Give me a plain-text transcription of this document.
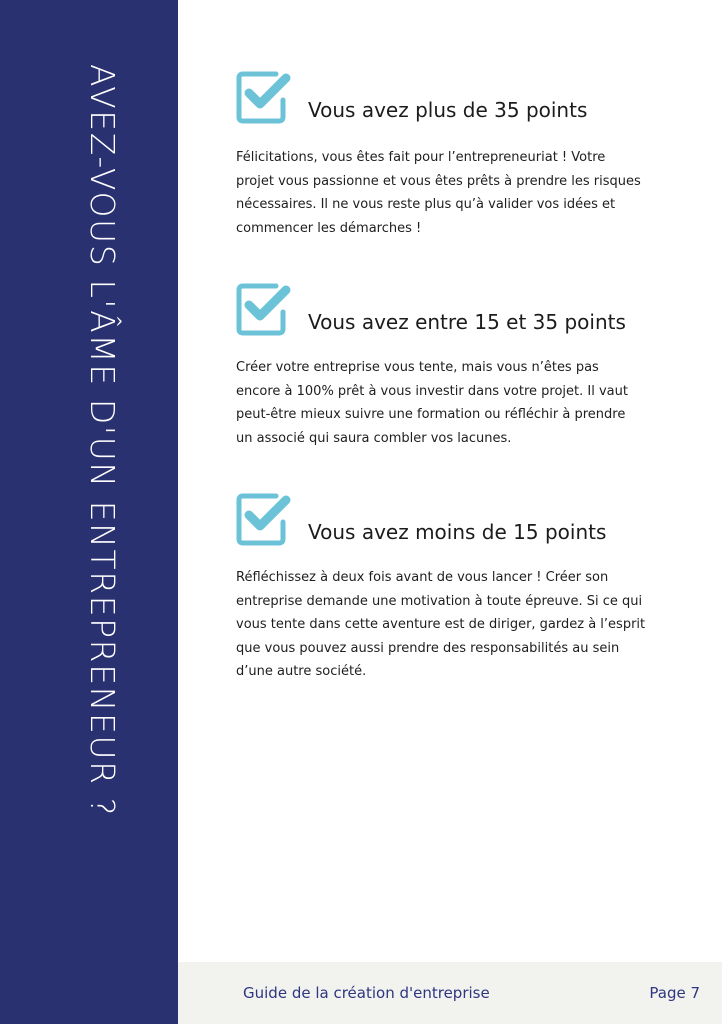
AVEZ-VOUS L'ÂME D'UN ENTREPRENEUR ?	Vous avez plus de 35 points

Félicitations, vous êtes fait pour l’entrepreneuriat ! Votre
projet vous passionne et vous êtes prêts à prendre les risques
nécessaires. Il ne vous reste plus qu’à valider vos idées et
commencer les démarches !

Vous avez entre 15 et 35 points

Créer votre entreprise vous tente, mais vous n’êtes pas
encore à 100% prêt à vous investir dans votre projet. Il vaut
peut-être mieux suivre une formation ou réfléchir à prendre
un associé qui saura combler vos lacunes.

Vous avez moins de 15 points

Réfléchissez à deux fois avant de vous lancer ! Créer son
entreprise demande une motivation à toute épreuve. Si ce qui
vous tente dans cette aventure est de diriger, gardez à l’esprit
que vous pouvez aussi prendre des responsabilités au sein
d’une autre société.

Guide de la création d'entreprise	Page 7
